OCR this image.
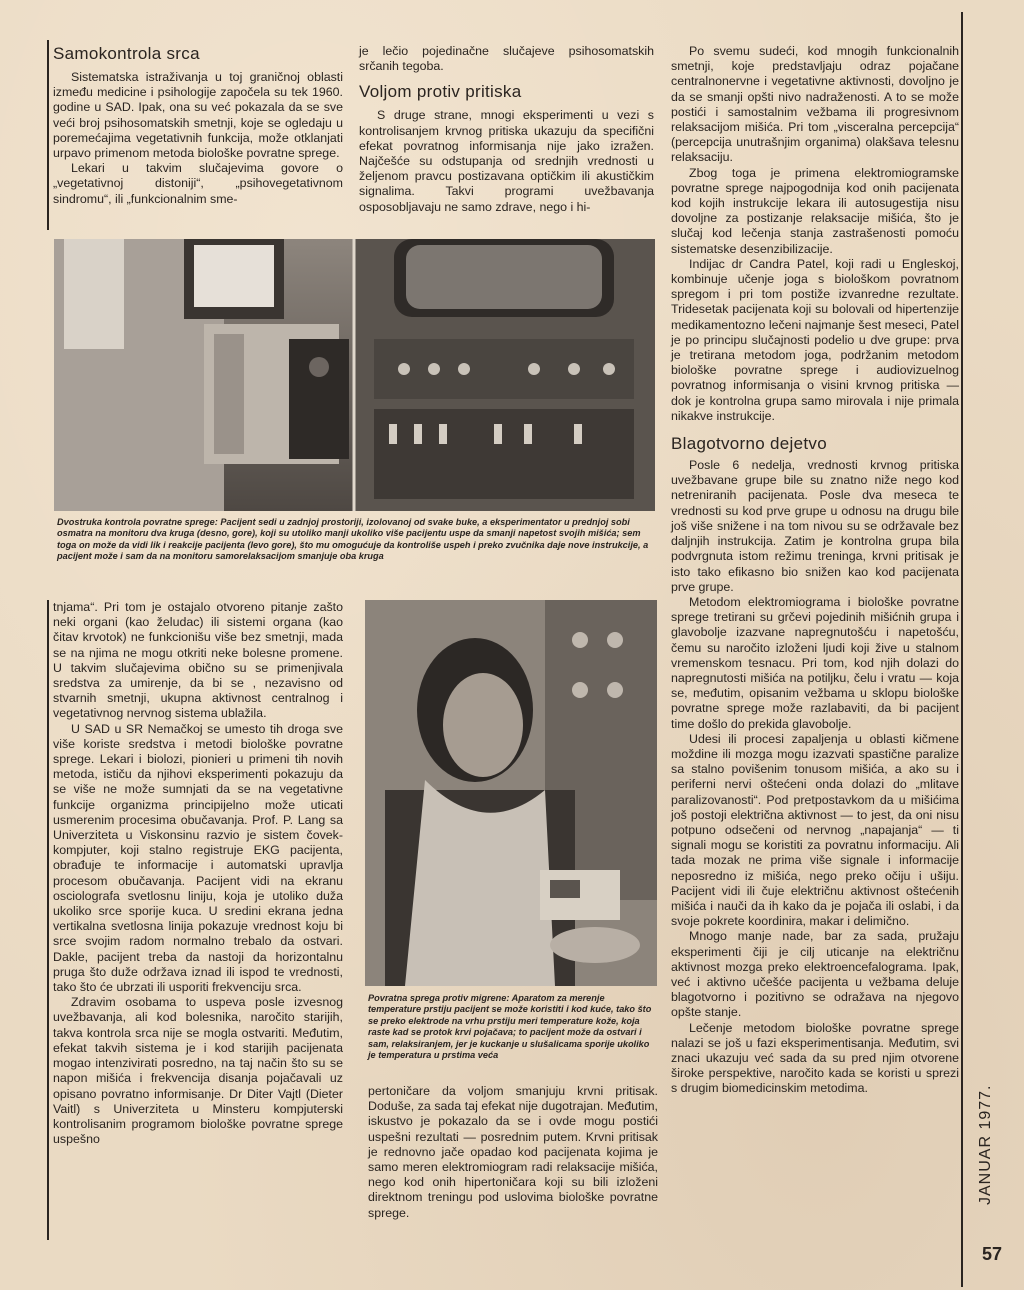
Samokontrola srca

Sistematska istraživanja u toj graničnoj oblasti između medicine i psihologije započela su tek 1960. godine u SAD. Ipak, ona su već pokazala da se sve veći broj psihosomatskih smetnji, koje se ogledaju u poremećajima vegetativnih funkcija, može otklanjati urpavo primenom metoda biološke povratne sprege.

Lekari u takvim slučajevima govore o „vegetativnoj distoniji“, „psihovegetativnom sindromu“, ili „funkcionalnim sme-

je lečio pojedinačne slučajeve psihosomatskih srčanih tegoba.

Voljom protiv pritiska

S druge strane, mnogi eksperimenti u vezi s kontrolisanjem krvnog pritiska ukazuju da specifični efekat povratnog informisanja nije jako izražen. Najčešće su odstupanja od srednjih vrednosti u željenom pravcu postizavana optičkim ili akustičkim signalima. Takvi programi uvežbavanja osposobljavaju ne samo zdrave, nego i hi-

Dvostruka kontrola povratne sprege: Pacijent sedi u zadnjoj prostoriji, izolovanoj od svake buke, a eksperimentator u prednjoj sobi osmatra na monitoru dva kruga (desno, gore), koji su utoliko manji ukoliko više pacijentu uspe da smanji napetost svojih mišića; sem toga on može da vidi lik i reakcije pacijenta (levo gore), što mu omogućuje da kontroliše uspeh i preko zvučnika daje nove instrukcije, a pacijent može i sam da na monitoru samorelaksacijom smanjuje oba kruga

tnjama“. Pri tom je ostajalo otvoreno pitanje zašto neki organi (kao želudac) ili sistemi organa (kao čitav krvotok) ne funkcionišu više bez smetnji, mada se na njima ne mogu otkriti neke bolesne promene. U takvim slučajevima obično su se primenjivala sredstva za umirenje, da bi se , nezavisno od stvarnih smetnji, ukupna aktivnost centralnog i vegetativnog nervnog sistema ublažila.

U SAD u SR Nemačkoj se umesto tih droga sve više koriste sredstva i metodi biološke povratne sprege. Lekari i biolozi, pionieri u primeni tih novih metoda, ističu da njihovi eksperimenti pokazuju da se više ne može sumnjati da se na vegetativne funkcije organizma principijelno može uticati usmerenim procesima obučavanja. Prof. P. Lang sa Univerziteta u Viskonsinu razvio je sistem čovek-kompjuter, koji stalno registruje EKG pacijenta, obrađuje te informacije i automatski upravlja procesom obučavanja. Pacijent vidi na ekranu osciolografa svetlosnu liniju, koja je utoliko duža ukoliko srce sporije kuca. U sredini ekrana jedna vertikalna svetlosna linija pokazuje vrednost koju bi srce svojim radom normalno trebalo da ostvari. Dakle, pacijent treba da nastoji da horizontalnu pruga što duže održava iznad ili ispod te vrednosti, tako što će ubrzati ili usporiti frekvenciju srca.

Zdravim osobama to uspeva posle izvesnog uvežbavanja, ali kod bolesnika, naročito starijih, takva kontrola srca nije se mogla ostvariti. Međutim, efekat takvih sistema je i kod starijih pacijenata mogao intenzivirati posredno, na taj način što su se napon mišića i frekvencija disanja pojačavali uz opisano povratno informisanje. Dr Diter Vajtl (Dieter Vaitl) s Univerziteta u Minsteru kompjuterski kontrolisanim programom biološke povratne sprege uspešno

Povratna sprega protiv migrene: Aparatom za merenje temperature prstiju pacijent se može koristiti i kod kuće, tako što se preko elektrode na vrhu prstiju meri temperature kože, koja raste kad se protok krvi pojačava; to pacijent može da ostvari i sam, relaksiranjem, jer je kuckanje u slušalicama sporije ukoliko je temperatura u prstima veća

pertoničare da voljom smanjuju krvni pritisak. Doduše, za sada taj efekat nije dugotrajan. Međutim, iskustvo je pokazalo da se i ovde mogu postići uspešni rezultati — posrednim putem. Krvni pritisak je rednovno jače opadao kod pacijenata kojima je samo meren elektromiogram radi relaksacije mišića, nego kod onih hipertoničara koji su bili izloženi direktnom treningu pod uslovima biološke povratne sprege.

Po svemu sudeći, kod mnogih funkcionalnih smetnji, koje predstavljaju odraz pojačane centralnonervne i vegetativne aktivnosti, dovoljno je da se smanji opšti nivo nadraženosti. A to se može postići i samostalnim vežbama ili progresivnom relaksacijom mišića. Pri tom „visceralna percepcija“ (percepcija unutrašnjim organima) olakšava telesnu relaksaciju.

Zbog toga je primena elektromiogramske povratne sprege najpogodnija kod onih pacijenata kod kojih instrukcije lekara ili autosugestija nisu dovoljne za postizanje relaksacije mišića, što je slučaj kod lečenja stanja zastrašenosti pomoću sistematske desenzibilizacije.

Indijac dr Candra Patel, koji radi u Engleskoj, kombinuje učenje joga s biološkom povratnom spregom i pri tom postiže izvanredne rezultate. Tridesetak pacijenata koji su bolovali od hipertenzije medikamentozno lečeni najmanje šest meseci, Patel je po principu slučajnosti podelio u dve grupe: prva je tretirana metodom joga, podržanim metodom biološke povratne sprege i audiovizuelnog povratnog informisanja o visini krvnog pritiska — dok je kontrolna grupa samo mirovala i nije primala nikakve instrukcije.

Blagotvorno dejetvo

Posle 6 nedelja, vrednosti krvnog pritiska uvežbavane grupe bile su znatno niže nego kod netreniranih pacijenata. Posle dva meseca te vrednosti su kod prve grupe u odnosu na drugu bile još više snižene i na tom nivou su se održavale bez daljnjih instrukcija. Zatim je kontrolna grupa bila podvrgnuta istom režimu treninga, krvni pritisak je isto tako efikasno bio snižen kao kod pacijenata prve grupe.

Metodom elektromiograma i biološke povratne sprege tretirani su grčevi pojedinih mišićnih grupa i glavobolje izazvane napregnutošću i napetošću, čemu su naročito izloženi ljudi koji žive u stalnom vremenskom tesnacu. Pri tom, kod njih dolazi do napregnutosti mišića na potiljku, čelu i vratu — koja se, međutim, opisanim vežbama u sklopu biološke povratne sprege može razlabaviti, da bi pacijent time došlo do prekida glavobolje.

Udesi ili procesi zapaljenja u oblasti kičmene moždine ili mozga mogu izazvati spastične paralize sa stalno povišenim tonusom mišića, a ako su i periferni nervi oštećeni onda dolazi do „mlitave paralizovanosti“. Pod pretpostavkom da u mišićima još postoji električna aktivnost — to jest, da oni nisu potpuno odsečeni od nervnog „napajanja“ — ti signali mogu se koristiti za povratnu informaciju. Ali tada mozak ne prima više signale i informacije neposredno iz mišića, nego preko očiju i ušiju. Pacijent vidi ili čuje električnu aktivnost oštećenih mišića i nauči da ih kako da je pojača ili oslabi, i da svoje pokrete koordinira, makar i delimično.

Mnogo manje nade, bar za sada, pružaju eksperimenti čiji je cilj uticanje na električnu aktivnost mozga preko elektroencefalograma. Ipak, već i aktivno učešće pacijenta u vežbama deluje blagotvorno i pozitivno se odražava na njegovo opšte stanje.

Lečenje metodom biološke povratne sprege nalazi se još u fazi eksperimentisanja. Međutim, svi znaci ukazuju već sada da su pred njim otvorene široke perspektive, naročito kada se koristi u sprezi s drugim biomedicinskim metodima.	JANUAR 1977.
57
